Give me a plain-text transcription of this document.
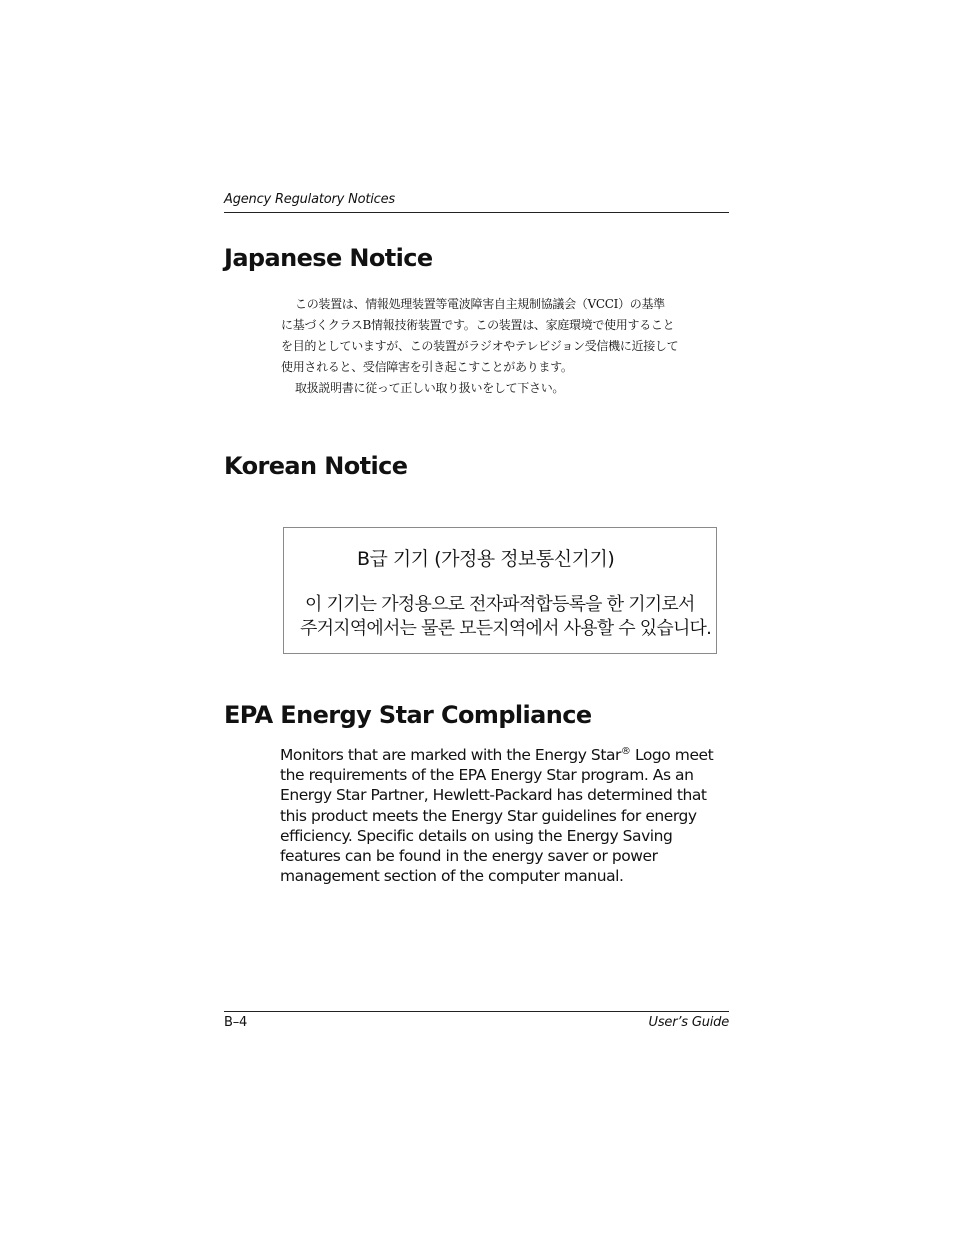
Agency Regulatory Notices
Japanese Notice
この装置は、情報処理装置等電波障害自主規制協議会（VCCI）の基準
に基づくクラスB情報技術装置です。この装置は、家庭環境で使用すること
を目的としていますが、この装置がラジオやテレビジョン受信機に近接して
使用されると、受信障害を引き起こすことがあります。
取扱説明書に従って正しい取り扱いをして下さい。
Korean Notice
B급 기기 (가정용 정보통신기기)
이 기기는 가정용으로 전자파적합등록을 한 기기로서
주거지역에서는 물론 모든지역에서 사용할 수 있습니다.
EPA Energy Star Compliance

Monitors that are marked with the Energy Star® Logo meet
the requirements of the EPA Energy Star program. As an
Energy Star Partner, Hewlett-Packard has determined that
this product meets the Energy Star guidelines for energy
efficiency. Specific details on using the Energy Saving
features can be found in the energy saver or power
management section of the computer manual.

B–4	User’s Guide
